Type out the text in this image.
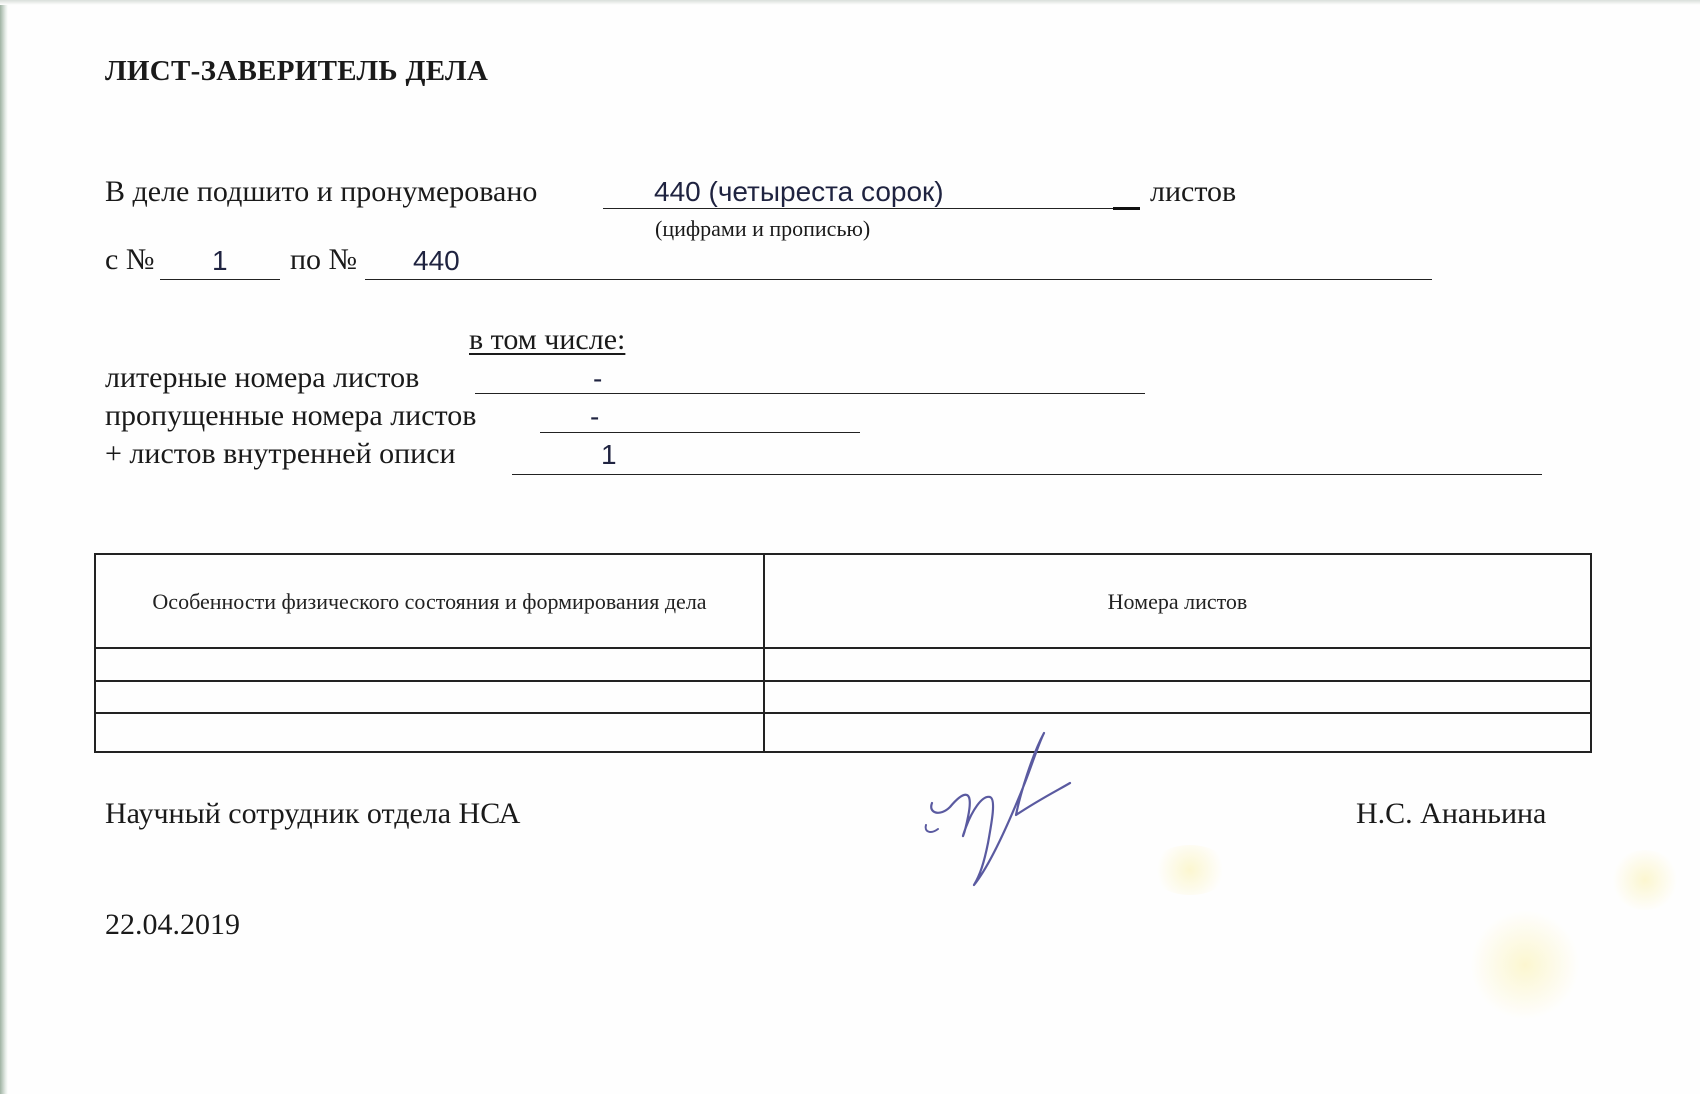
ЛИСТ-ЗАВЕРИТЕЛЬ ДЕЛА
В деле подшито и пронумеровано	440 (четыреста сорок)	листов
(цифрами и прописью)
с № 1 по № 440
в том числе:
литерные номера листов	-
пропущенные номера листов	-
+ листов внутренней описи	1
Особенности физического состояния и формирования дела	Номера листов
Научный сотрудник отдела НСА	Н.С. Ананьина
22.04.2019
